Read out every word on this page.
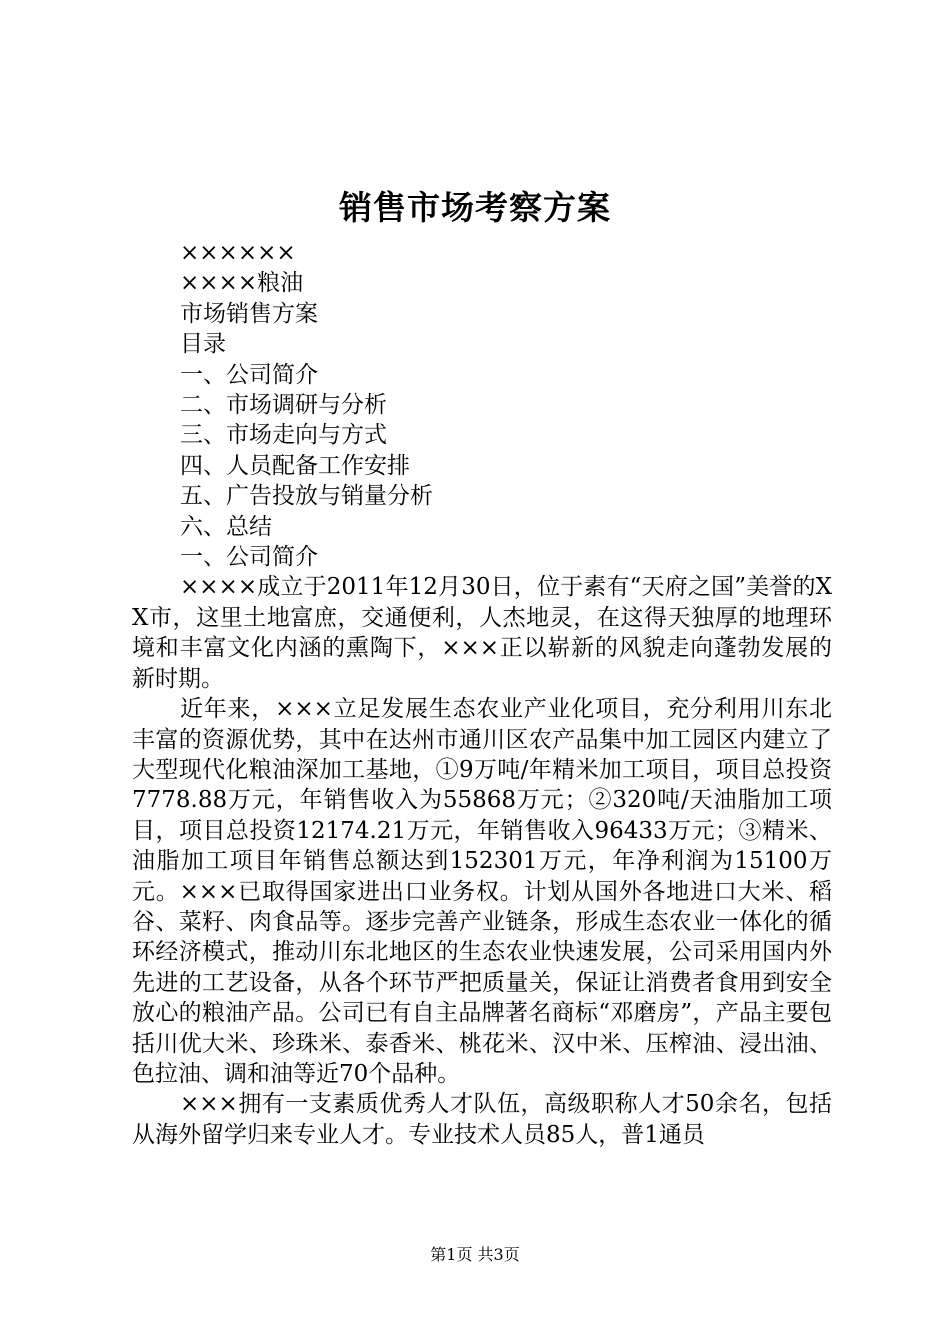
销售市场考察方案

××××××

××××粮油

市场销售方案

目录

一、公司简介

二、市场调研与分析

三、市场走向与方式

四、人员配备工作安排

五、广告投放与销量分析

六、总结

一、公司简介

××××成立于2011年12月30日，位于素有“天府之国”美誉的XX市，这里土地富庶，交通便利，人杰地灵，在这得天独厚的地理环境和丰富文化内涵的熏陶下，×××正以崭新的风貌走向蓬勃发展的新时期。

近年来，×××立足发展生态农业产业化项目，充分利用川东北丰富的资源优势，其中在达州市通川区农产品集中加工园区内建立了大型现代化粮油深加工基地，①9万吨/年精米加工项目，项目总投资7778.88万元，年销售收入为55868万元；②320吨/天油脂加工项目，项目总投资12174.21万元，年销售收入96433万元；③精米、油脂加工项目年销售总额达到152301万元，年净利润为15100万元。×××已取得国家进出口业务权。计划从国外各地进口大米、稻谷、菜籽、肉食品等。逐步完善产业链条，形成生态农业一体化的循环经济模式，推动川东北地区的生态农业快速发展，公司采用国内外先进的工艺设备，从各个环节严把质量关，保证让消费者食用到安全放心的粮油产品。公司已有自主品牌著名商标“邓磨房”，产品主要包括川优大米、珍珠米、泰香米、桃花米、汉中米、压榨油、浸出油、色拉油、调和油等近70个品种。

×××拥有一支素质优秀人才队伍，高级职称人才50余名，包括从海外留学归来专业人才。专业技术人员85人，普1通员

第1页 共3页
